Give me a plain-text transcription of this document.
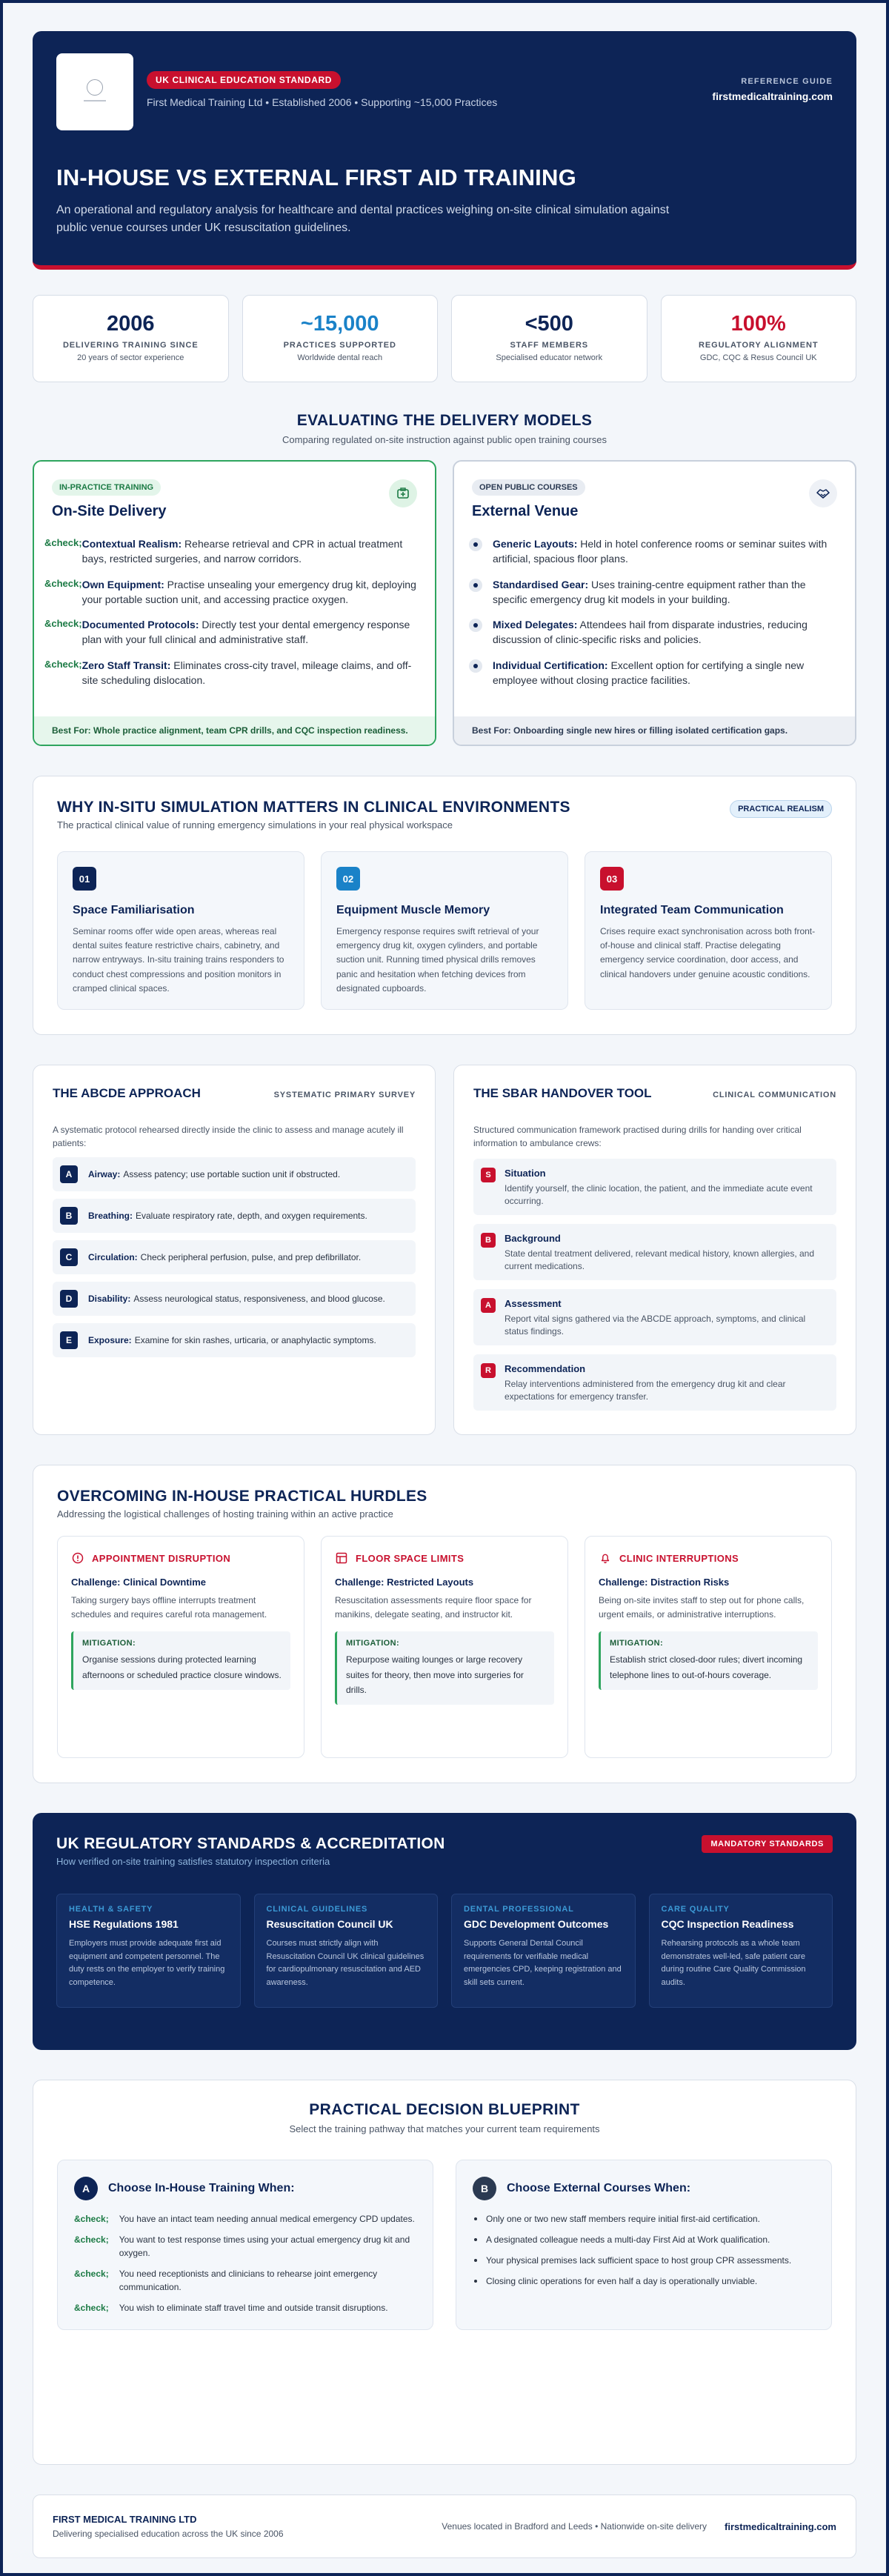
UK CLINICAL EDUCATION STANDARD
First Medical Training Ltd • Established 2006 • Supporting ~15,000 Practices
REFERENCE GUIDE
firstmedicaltraining.com
IN-HOUSE VS EXTERNAL FIRST AID TRAINING

An operational and regulatory analysis for healthcare and dental practices weighing on-site clinical simulation against public venue courses under UK resuscitation guidelines.

2006
DELIVERING TRAINING SINCE
20 years of sector experience
~15,000
PRACTICES SUPPORTED
Worldwide dental reach
<500
STAFF MEMBERS
Specialised educator network
100%
REGULATORY ALIGNMENT
GDC, CQC & Resus Council UK
EVALUATING THE DELIVERY MODELS

Comparing regulated on-site instruction against public open training courses

IN-PRACTICE TRAINING
On-Site Delivery
&check; Contextual Realism: Rehearse retrieval and CPR in actual treatment bays, restricted surgeries, and narrow corridors.
&check; Own Equipment: Practise unsealing your emergency drug kit, deploying your portable suction unit, and accessing practice oxygen.
&check; Documented Protocols: Directly test your dental emergency response plan with your full clinical and administrative staff.
&check; Zero Staff Transit: Eliminates cross-city travel, mileage claims, and off-site scheduling dislocation.
Best For: Whole practice alignment, team CPR drills, and CQC inspection readiness.
OPEN PUBLIC COURSES
External Venue
Generic Layouts: Held in hotel conference rooms or seminar suites with artificial, spacious floor plans.
Standardised Gear: Uses training-centre equipment rather than the specific emergency drug kit models in your building.
Mixed Delegates: Attendees hail from disparate industries, reducing discussion of clinic-specific risks and policies.
Individual Certification: Excellent option for certifying a single new employee without closing practice facilities.
Best For: Onboarding single new hires or filling isolated certification gaps.
WHY IN-SITU SIMULATION MATTERS IN CLINICAL ENVIRONMENTS

The practical clinical value of running emergency simulations in your real physical workspace

PRACTICAL REALISM
01
Space Familiarisation

Seminar rooms offer wide open areas, whereas real dental suites feature restrictive chairs, cabinetry, and narrow entryways. In-situ training trains responders to conduct chest compressions and position monitors in cramped clinical spaces.

02
Equipment Muscle Memory

Emergency response requires swift retrieval of your emergency drug kit, oxygen cylinders, and portable suction unit. Running timed physical drills removes panic and hesitation when fetching devices from designated cupboards.

03
Integrated Team Communication

Crises require exact synchronisation across both front-of-house and clinical staff. Practise delegating emergency service coordination, door access, and clinical handovers under genuine acoustic conditions.

THE ABCDE APPROACH	SYSTEMATIC PRIMARY SURVEY

A systematic protocol rehearsed directly inside the clinic to assess and manage acutely ill patients:

A	Airway: Assess patency; use portable suction unit if obstructed.
B	Breathing: Evaluate respiratory rate, depth, and oxygen requirements.
C	Circulation: Check peripheral perfusion, pulse, and prep defibrillator.
D	Disability: Assess neurological status, responsiveness, and blood glucose.
E	Exposure: Examine for skin rashes, urticaria, or anaphylactic symptoms.
THE SBAR HANDOVER TOOL	CLINICAL COMMUNICATION

Structured communication framework practised during drills for handing over critical information to ambulance crews:

S	Situation

Identify yourself, the clinic location, the patient, and the immediate acute event occurring.

B	Background

State dental treatment delivered, relevant medical history, known allergies, and current medications.

A	Assessment

Report vital signs gathered via the ABCDE approach, symptoms, and clinical status findings.

R	Recommendation

Relay interventions administered from the emergency drug kit and clear expectations for emergency transfer.

OVERCOMING IN-HOUSE PRACTICAL HURDLES

Addressing the logistical challenges of hosting training within an active practice

APPOINTMENT DISRUPTION
Challenge: Clinical Downtime

Taking surgery bays offline interrupts treatment schedules and requires careful rota management.

MITIGATION:

Organise sessions during protected learning afternoons or scheduled practice closure windows.

FLOOR SPACE LIMITS
Challenge: Restricted Layouts

Resuscitation assessments require floor space for manikins, delegate seating, and instructor kit.

MITIGATION:

Repurpose waiting lounges or large recovery suites for theory, then move into surgeries for drills.

CLINIC INTERRUPTIONS
Challenge: Distraction Risks

Being on-site invites staff to step out for phone calls, urgent emails, or administrative interruptions.

MITIGATION:

Establish strict closed-door rules; divert incoming telephone lines to out-of-hours coverage.

UK REGULATORY STANDARDS & ACCREDITATION

How verified on-site training satisfies statutory inspection criteria

MANDATORY STANDARDS
HEALTH & SAFETY
HSE Regulations 1981

Employers must provide adequate first aid equipment and competent personnel. The duty rests on the employer to verify training competence.

CLINICAL GUIDELINES
Resuscitation Council UK

Courses must strictly align with Resuscitation Council UK clinical guidelines for cardiopulmonary resuscitation and AED awareness.

DENTAL PROFESSIONAL
GDC Development Outcomes

Supports General Dental Council requirements for verifiable medical emergencies CPD, keeping registration and skill sets current.

CARE QUALITY
CQC Inspection Readiness

Rehearsing protocols as a whole team demonstrates well-led, safe patient care during routine Care Quality Commission audits.

PRACTICAL DECISION BLUEPRINT

Select the training pathway that matches your current team requirements

A	Choose In-House Training When:
&check; You have an intact team needing annual medical emergency CPD updates.
&check; You want to test response times using your actual emergency drug kit and oxygen.
&check; You need receptionists and clinicians to rehearse joint emergency communication.
&check; You wish to eliminate staff travel time and outside transit disruptions.
B	Choose External Courses When:
Only one or two new staff members require initial first-aid certification.
A designated colleague needs a multi-day First Aid at Work qualification.
Your physical premises lack sufficient space to host group CPR assessments.
Closing clinic operations for even half a day is operationally unviable.
FIRST MEDICAL TRAINING LTD
Delivering specialised education across the UK since 2006
Venues located in Bradford and Leeds • Nationwide on-site delivery firstmedicaltraining.com
